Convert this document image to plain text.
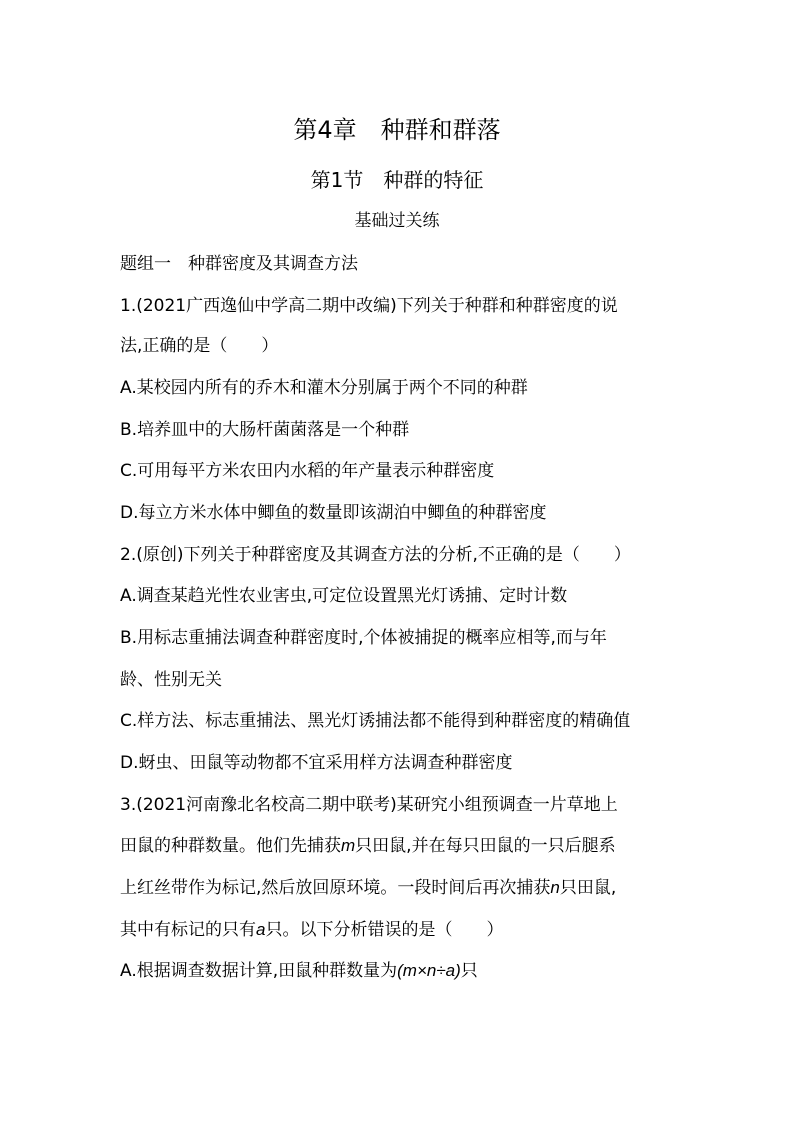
第4章　种群和群落
第1节　种群的特征
基础过关练
题组一　种群密度及其调查方法
1.(2021广西逸仙中学高二期中改编)下列关于种群和种群密度的说
法,正确的是（　　）
A.某校园内所有的乔木和灌木分别属于两个不同的种群
B.培养皿中的大肠杆菌菌落是一个种群
C.可用每平方米农田内水稻的年产量表示种群密度
D.每立方米水体中鲫鱼的数量即该湖泊中鲫鱼的种群密度
2.(原创)下列关于种群密度及其调查方法的分析,不正确的是（　　）
A.调查某趋光性农业害虫,可定位设置黑光灯诱捕、定时计数
B.用标志重捕法调查种群密度时,个体被捕捉的概率应相等,而与年
龄、性别无关
C.样方法、标志重捕法、黑光灯诱捕法都不能得到种群密度的精确值
D.蚜虫、田鼠等动物都不宜采用样方法调查种群密度
3.(2021河南豫北名校高二期中联考)某研究小组预调查一片草地上
田鼠的种群数量。他们先捕获m只田鼠,并在每只田鼠的一只后腿系
上红丝带作为标记,然后放回原环境。一段时间后再次捕获n只田鼠,
其中有标记的只有a只。以下分析错误的是（　　）
A.根据调查数据计算,田鼠种群数量为(m×n÷a)只
